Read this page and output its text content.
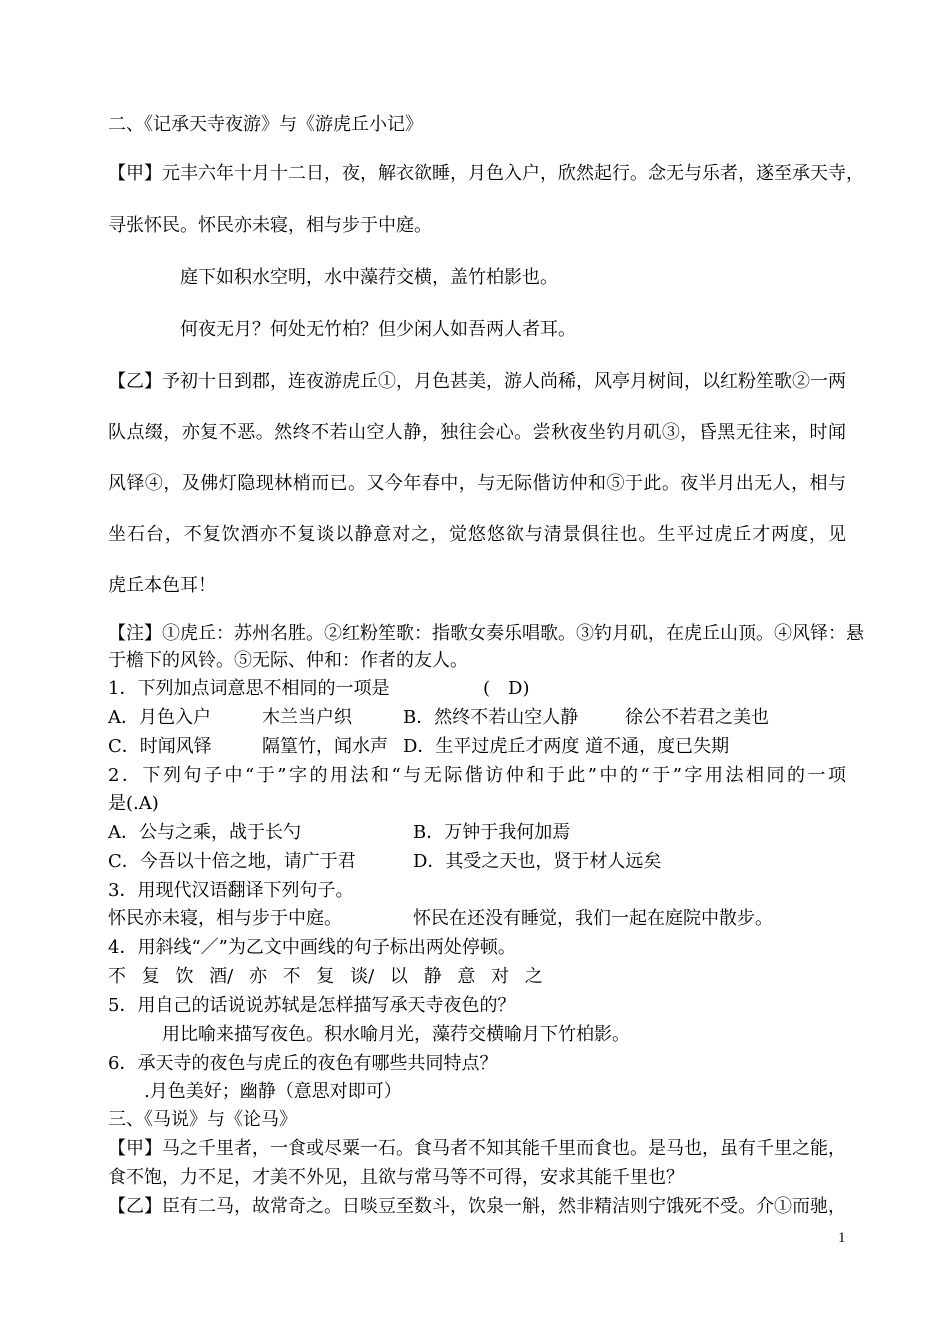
二、《记承天寺夜游》与《游虎丘小记》
【甲】元丰六年十月十二日，夜，解衣欲睡，月色入户，欣然起行。念无与乐者，遂至承天寺，
寻张怀民。怀民亦未寝，相与步于中庭。
庭下如积水空明，水中藻荇交横，盖竹柏影也。
何夜无月？何处无竹柏？但少闲人如吾两人者耳。
【乙】予初十日到郡，连夜游虎丘①，月色甚美，游人尚稀，风亭月树间，以红粉笙歌②一两
队点缀，亦复不恶。然终不若山空人静，独往会心。尝秋夜坐钓月矶③，昏黑无往来，时闻
风铎④，及佛灯隐现林梢而已。又今年春中，与无际偕访仲和⑤于此。夜半月出无人，相与
坐石台，不复饮酒亦不复谈以静意对之，觉悠悠欲与清景俱往也。生平过虎丘才两度，见
虎丘本色耳！
【注】①虎丘：苏州名胜。②红粉笙歌：指歌女奏乐唱歌。③钓月矶，在虎丘山顶。④风铎：悬
于檐下的风铃。⑤无际、仲和：作者的友人。
1．下列加点词意思不相同的一项是	(　D)
A．月色入户	木兰当户织	B．然终不若山空人静	徐公不若君之美也
C．时闻风铎	隔篁竹，闻水声 D．生平过虎丘才两度 道不通，度已失期
2．下列句子中“于”字的用法和“与无际偕访仲和于此”中的“于”字用法相同的一项
是(.A)
A．公与之乘，战于长勺	B．万钟于我何加焉
C．今吾以十倍之地，请广于君	D．其受之天也，贤于材人远矣
3．用现代汉语翻译下列句子。
怀民亦未寝，相与步于中庭。	怀民在还没有睡觉，我们一起在庭院中散步。
4．用斜线“／”为乙文中画线的句子标出两处停顿。
不 复 饮 酒/ 亦 不 复 谈/ 以 静 意 对 之
5．用自己的话说说苏轼是怎样描写承天寺夜色的？
用比喻来描写夜色。积水喻月光，藻荇交横喻月下竹柏影。
6．承天寺的夜色与虎丘的夜色有哪些共同特点？
.月色美好；幽静（意思对即可）
三、《马说》与《论马》
【甲】马之千里者，一食或尽粟一石。食马者不知其能千里而食也。是马也，虽有千里之能，
食不饱，力不足，才美不外见，且欲与常马等不可得，安求其能千里也？
【乙】臣有二马，故常奇之。日啖豆至数斗，饮泉一斛，然非精洁则宁饿死不受。介①而驰，
1
